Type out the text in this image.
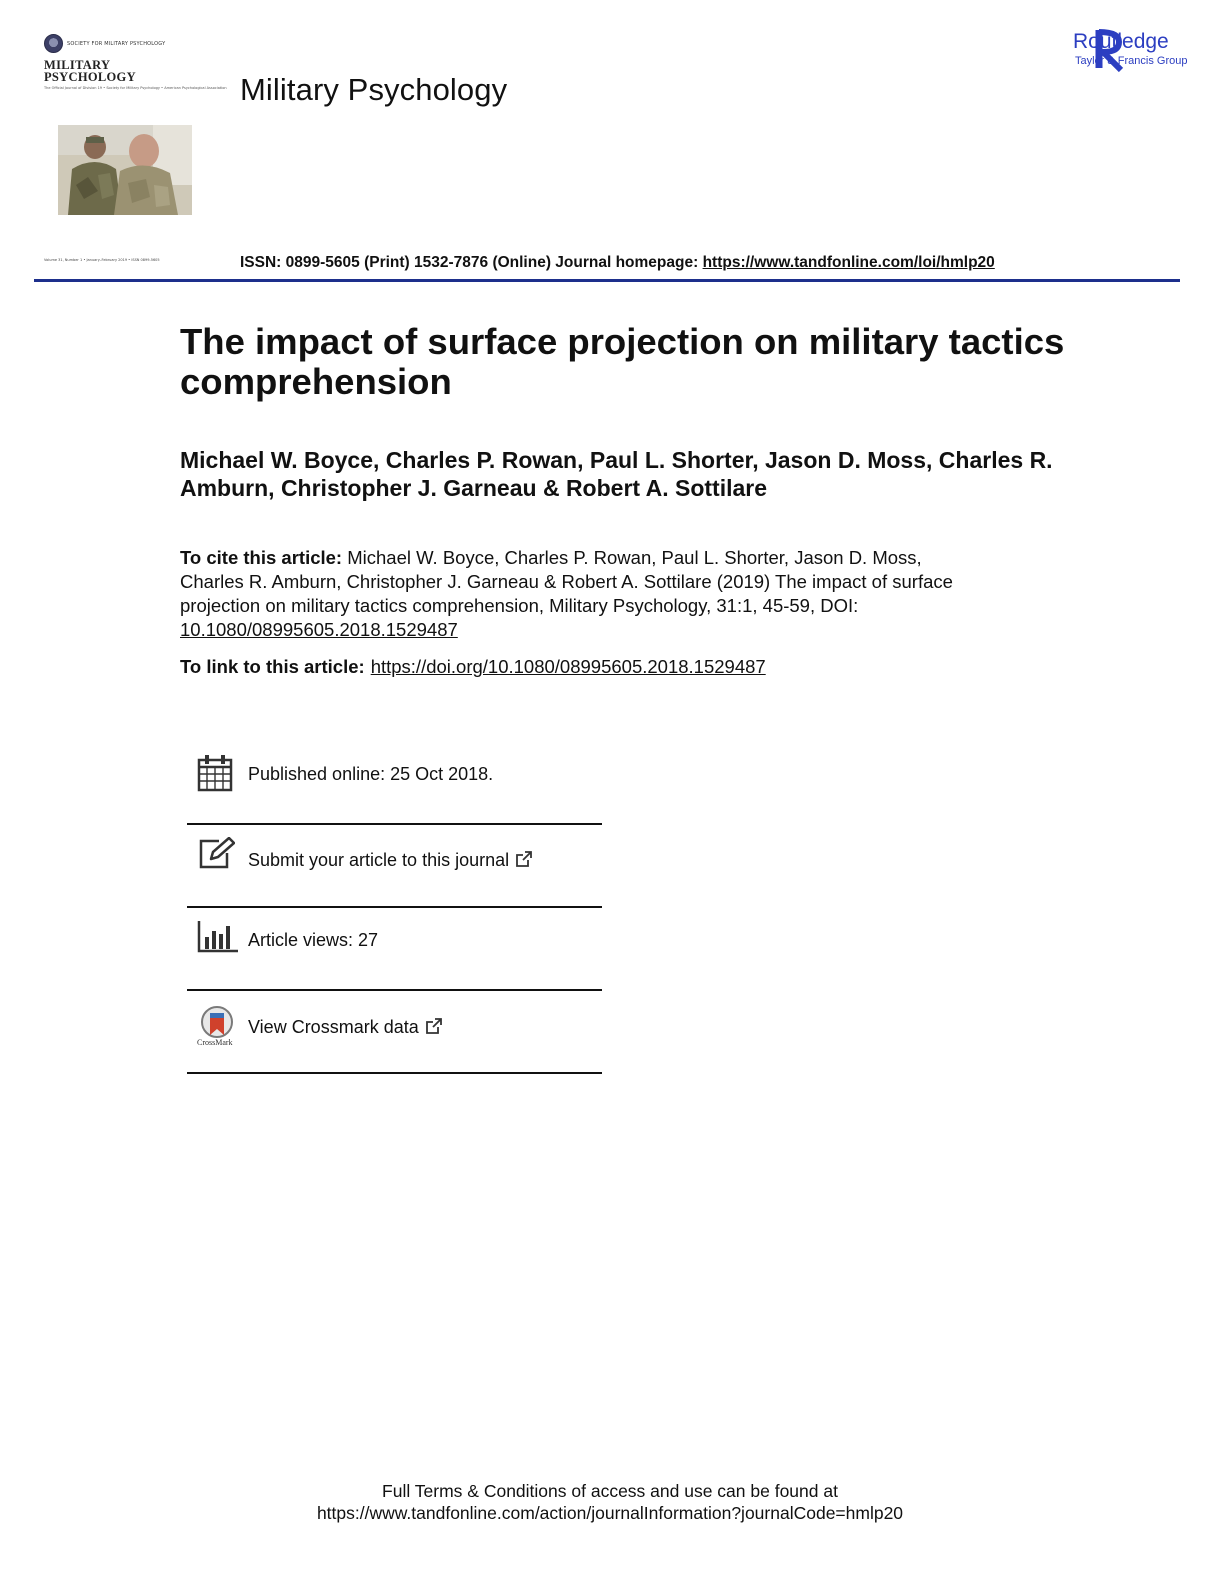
SOCIETY FOR MILITARY PSYCHOLOGY
MILITARY
PSYCHOLOGY
The Official Journal of Division 19 • Society for Military Psychology • American Psychological Association
Volume 31, Number 1 • January–February 2019 • ISSN 0899-5605
Military Psychology
Routledge
Taylor & Francis Group
ISSN: 0899-5605 (Print) 1532-7876 (Online) Journal homepage: https://www.tandfonline.com/loi/hmlp20
The impact of surface projection on military tactics comprehension
Michael W. Boyce, Charles P. Rowan, Paul L. Shorter, Jason D. Moss, Charles R. Amburn, Christopher J. Garneau & Robert A. Sottilare
To cite this article: Michael W. Boyce, Charles P. Rowan, Paul L. Shorter, Jason D. Moss, Charles R. Amburn, Christopher J. Garneau & Robert A. Sottilare (2019) The impact of surface projection on military tactics comprehension, Military Psychology, 31:1, 45-59, DOI: 10.1080/08995605.2018.1529487
To link to this article: https://doi.org/10.1080/08995605.2018.1529487
Published online: 25 Oct 2018.
Submit your article to this journal
Article views: 27
CrossMark
View Crossmark data
Full Terms & Conditions of access and use can be found at
https://www.tandfonline.com/action/journalInformation?journalCode=hmlp20
